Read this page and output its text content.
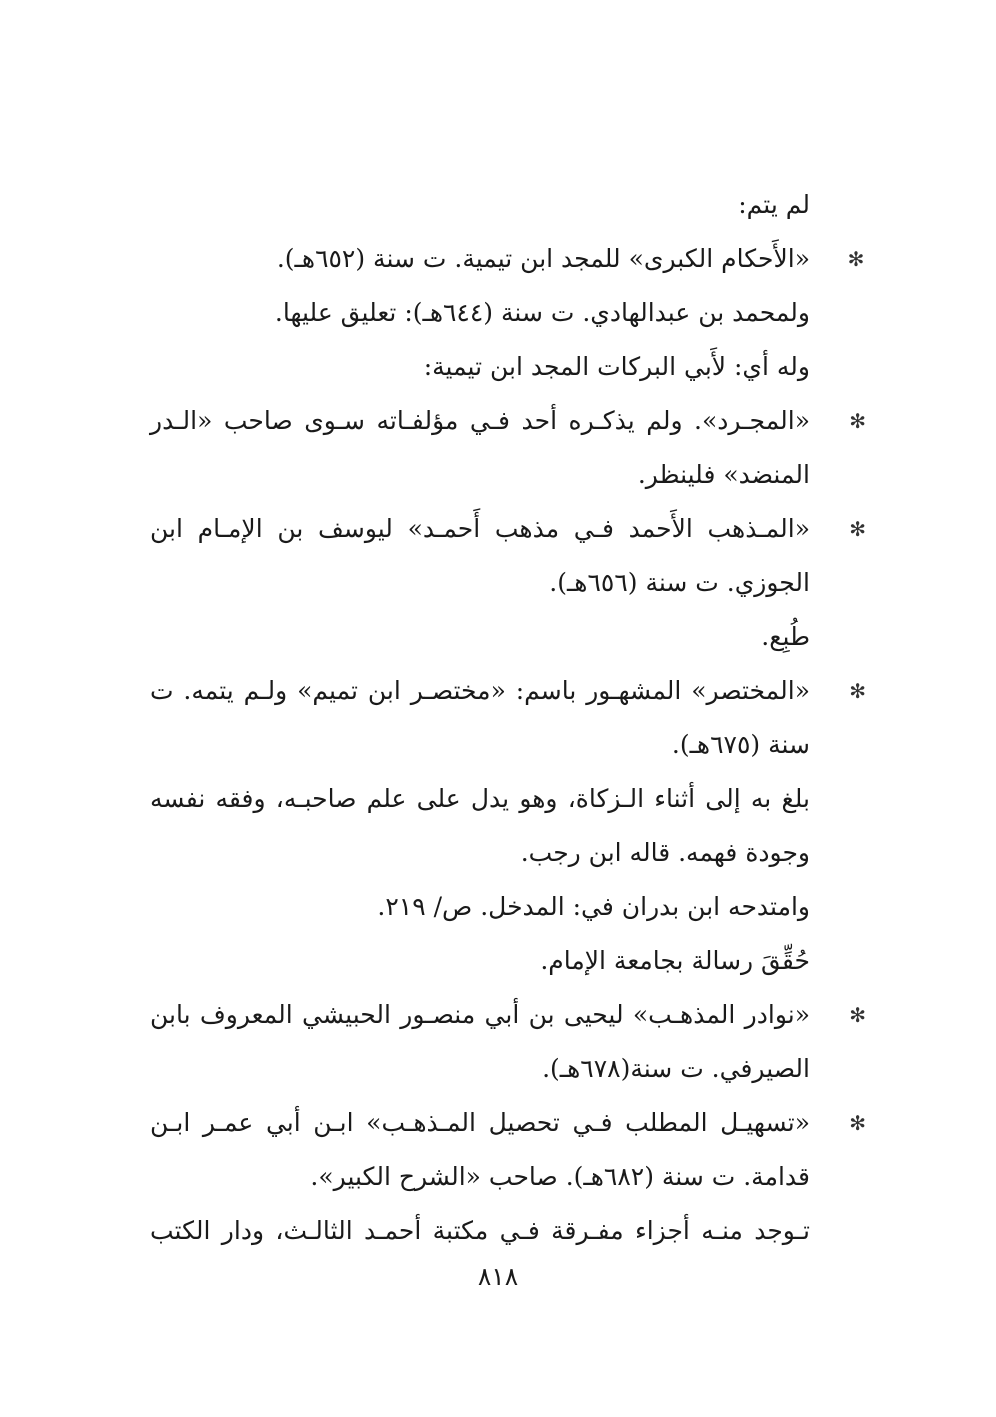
لم يتم:
✻
«الأَحكام الكبرى» للمجد ابن تيمية. ت سنة (٦٥٢هـ).
ولمحمد بن عبدالهادي. ت سنة (٦٤٤هـ): تعليق عليها.
وله أي: لأَبي البركات المجد ابن تيمية:
✻
«المجـرد». ولم يذكـره أحد فـي مؤلفـاته سـوى صاحب «الـدر
المنضد» فلينظر.
✻
«المـذهب الأَحمد فـي مذهب أَحمـد» ليوسف بن الإمـام ابن
الجوزي. ت سنة (٦٥٦هـ).
طُبِع.
✻
«المختصر» المشهـور باسم: «مختصـر ابن تميم» ولـم يتمه. ت
سنة (٦٧٥هـ).
بلغ به إلى أثناء الـزكاة، وهو يدل على علم صاحبـه، وفقه نفسه
وجودة فهمه. قاله ابن رجب.
وامتدحه ابن بدران في: المدخل. ص/ ٢١٩.
حُقِّقَ رسالة بجامعة الإمام.
✻
«نوادر المذهـب» ليحيى بن أبي منصـور الحبيشي المعروف بابن
الصيرفي. ت سنة(٦٧٨هـ).
✻
«تسهيـل المطلب فـي تحصيل المـذهـب» ابـن أبي عمـر ابـن
قدامة. ت سنة (٦٨٢هـ). صاحب «الشرح الكبير».
تـوجد منـه أجزاء مفـرقة فـي مكتبة أحمـد الثالـث، ودار الكتب
٨١٨
